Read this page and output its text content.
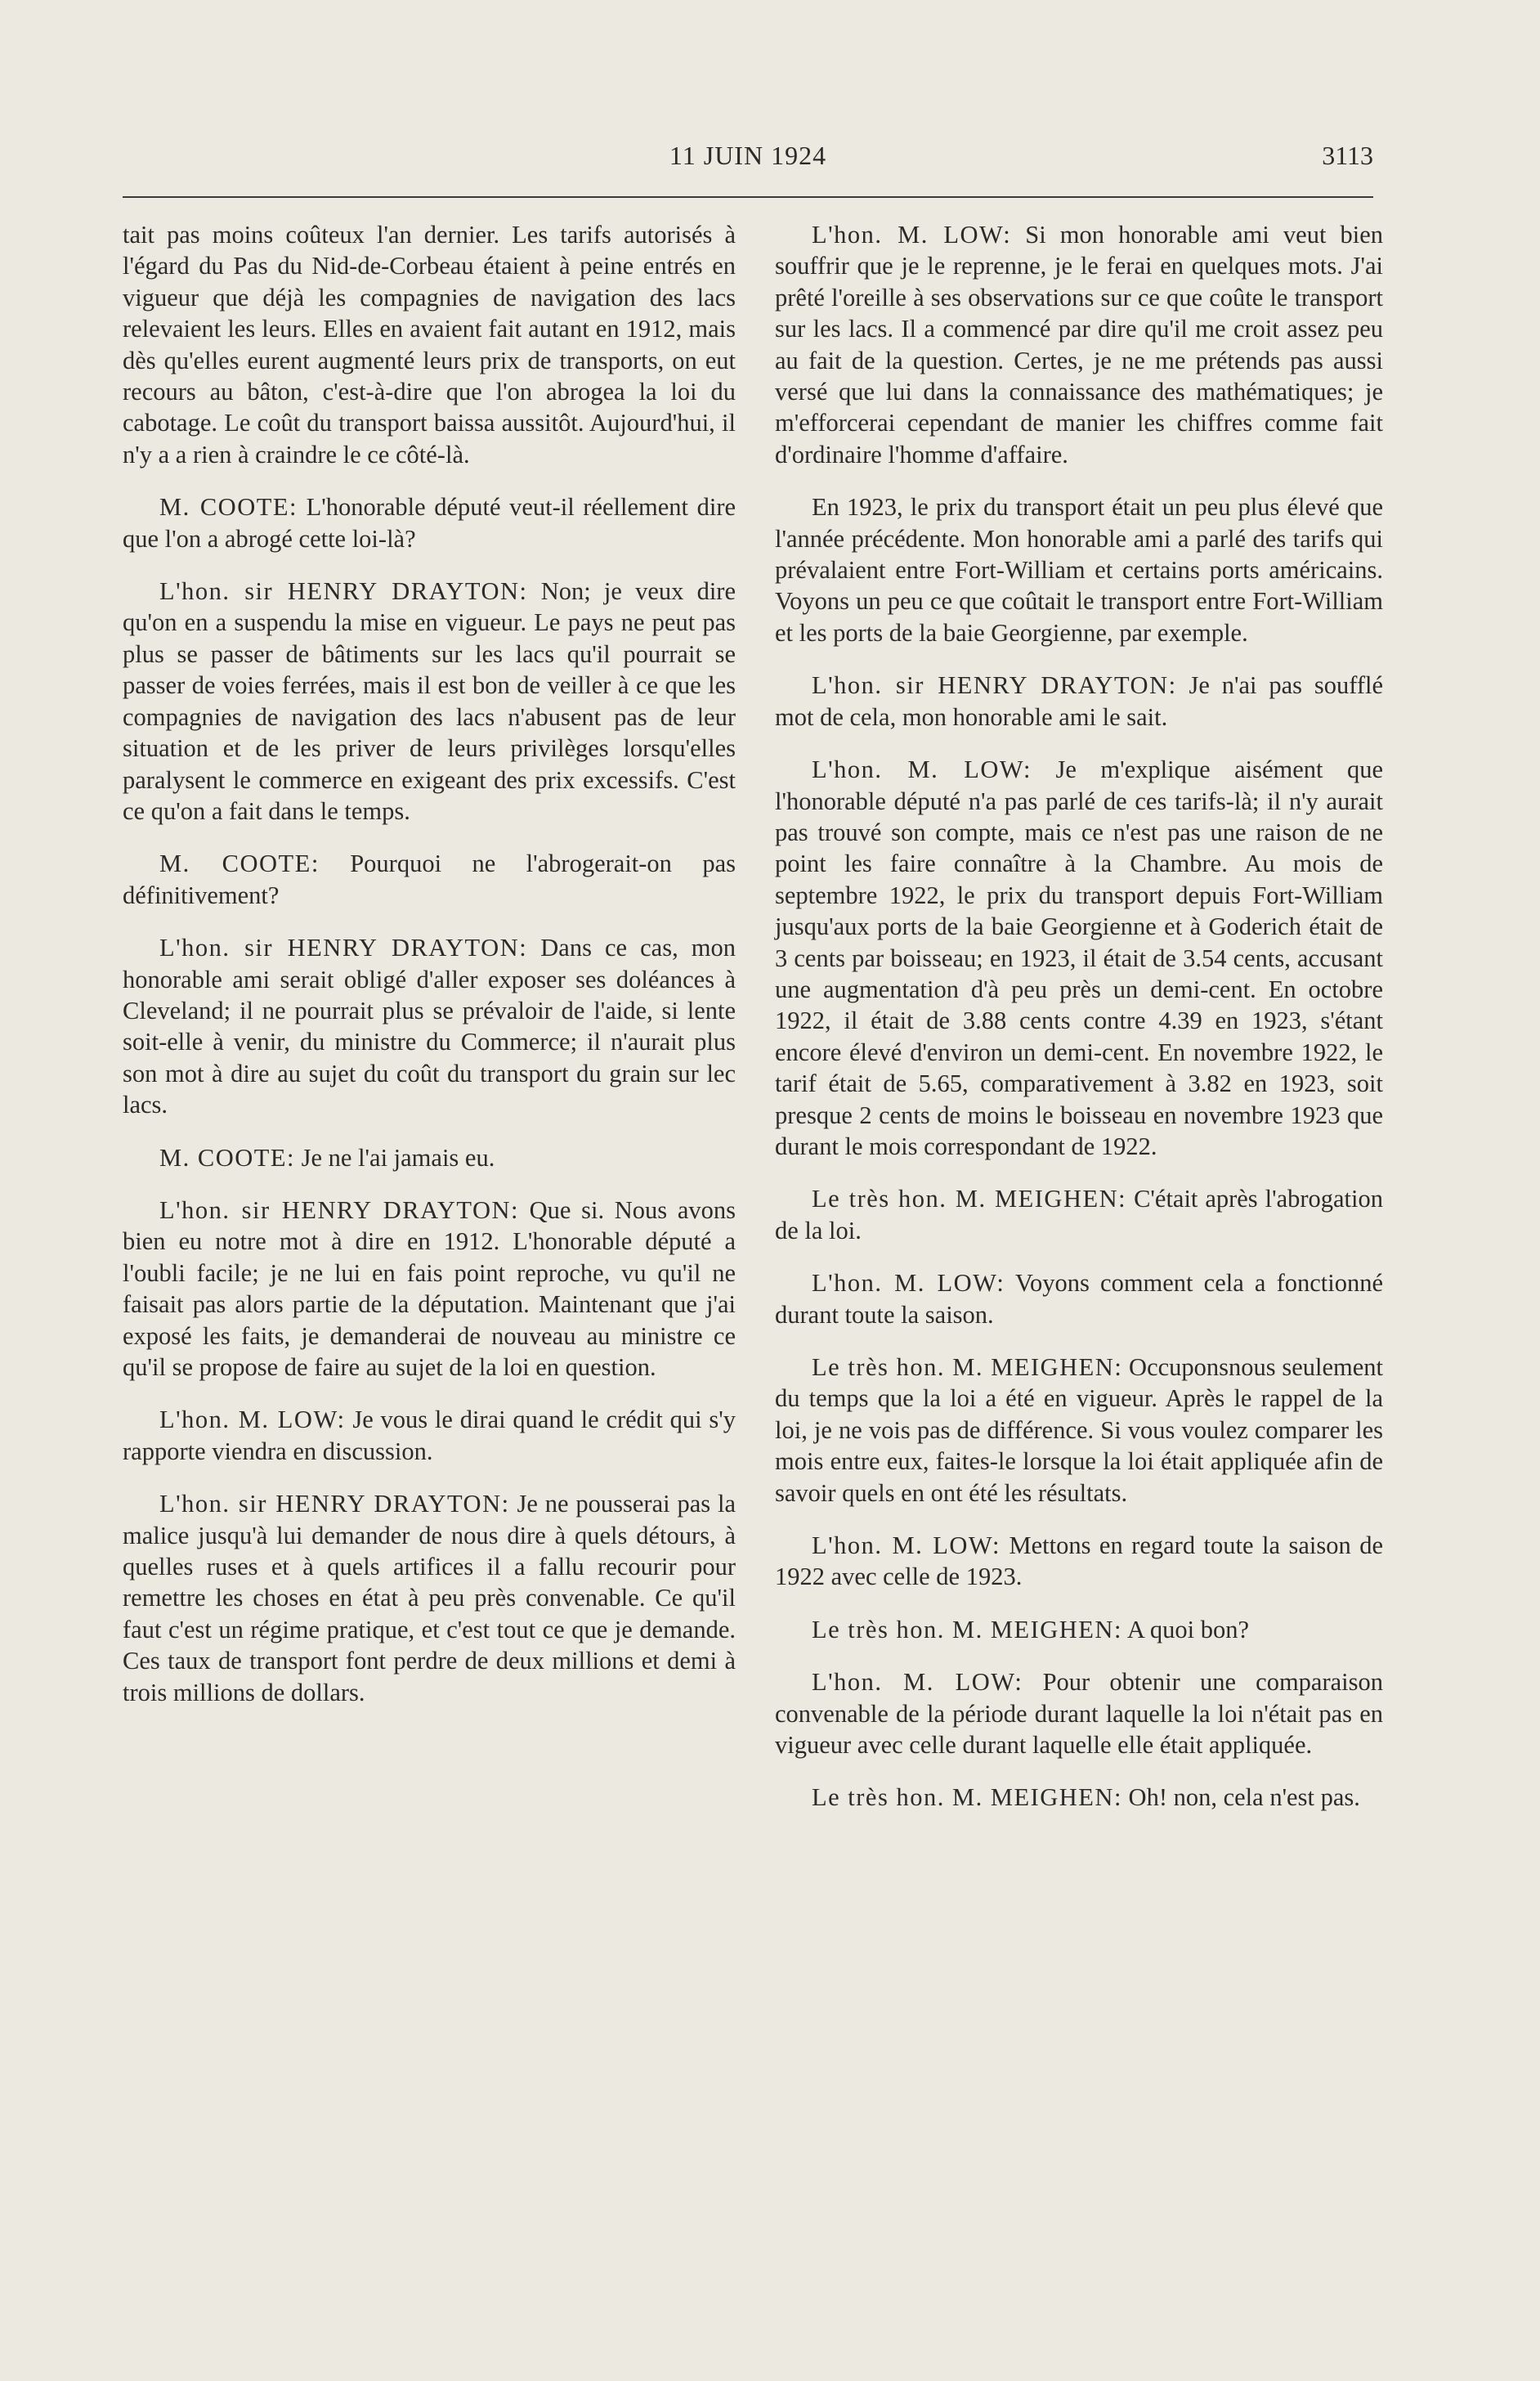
11 JUIN 1924	3113

tait pas moins coûteux l'an dernier. Les tarifs autorisés à l'égard du Pas du Nid-de-Corbeau étaient à peine entrés en vigueur que déjà les compagnies de navigation des lacs relevaient les leurs. Elles en avaient fait autant en 1912, mais dès qu'elles eurent augmenté leurs prix de transports, on eut recours au bâton, c'est-à-dire que l'on abrogea la loi du cabotage. Le coût du transport baissa aussitôt. Aujourd'hui, il n'y a a rien à craindre le ce côté-là.

M. COOTE: L'honorable député veut-il réellement dire que l'on a abrogé cette loi-là?

L'hon. sir HENRY DRAYTON: Non; je veux dire qu'on en a suspendu la mise en vigueur. Le pays ne peut pas plus se passer de bâtiments sur les lacs qu'il pourrait se passer de voies ferrées, mais il est bon de veiller à ce que les compagnies de navigation des lacs n'abusent pas de leur situation et de les priver de leurs privilèges lorsqu'elles paralysent le commerce en exigeant des prix excessifs. C'est ce qu'on a fait dans le temps.

M. COOTE: Pourquoi ne l'abrogerait-on pas définitivement?

L'hon. sir HENRY DRAYTON: Dans ce cas, mon honorable ami serait obligé d'aller exposer ses doléances à Cleveland; il ne pourrait plus se prévaloir de l'aide, si lente soit-elle à venir, du ministre du Commerce; il n'aurait plus son mot à dire au sujet du coût du transport du grain sur lec lacs.

M. COOTE: Je ne l'ai jamais eu.

L'hon. sir HENRY DRAYTON: Que si. Nous avons bien eu notre mot à dire en 1912. L'honorable député a l'oubli facile; je ne lui en fais point reproche, vu qu'il ne faisait pas alors partie de la députation. Maintenant que j'ai exposé les faits, je demanderai de nouveau au ministre ce qu'il se propose de faire au sujet de la loi en question.

L'hon. M. LOW: Je vous le dirai quand le crédit qui s'y rapporte viendra en discussion.

L'hon. sir HENRY DRAYTON: Je ne pousserai pas la malice jusqu'à lui demander de nous dire à quels détours, à quelles ruses et à quels artifices il a fallu recourir pour remettre les choses en état à peu près convenable. Ce qu'il faut c'est un régime pratique, et c'est tout ce que je demande. Ces taux de transport font perdre de deux millions et demi à trois millions de dollars.

L'hon. M. LOW: Si mon honorable ami veut bien souffrir que je le reprenne, je le ferai en quelques mots. J'ai prêté l'oreille à ses observations sur ce que coûte le transport sur les lacs. Il a commencé par dire qu'il me croit assez peu au fait de la question. Certes, je ne me prétends pas aussi versé que lui dans la connaissance des mathématiques; je m'efforcerai cependant de manier les chiffres comme fait d'ordinaire l'homme d'affaire.

En 1923, le prix du transport était un peu plus élevé que l'année précédente. Mon honorable ami a parlé des tarifs qui prévalaient entre Fort-William et certains ports américains. Voyons un peu ce que coûtait le transport entre Fort-William et les ports de la baie Georgienne, par exemple.

L'hon. sir HENRY DRAYTON: Je n'ai pas soufflé mot de cela, mon honorable ami le sait.

L'hon. M. LOW: Je m'explique aisément que l'honorable député n'a pas parlé de ces tarifs-là; il n'y aurait pas trouvé son compte, mais ce n'est pas une raison de ne point les faire connaître à la Chambre. Au mois de septembre 1922, le prix du transport depuis Fort-William jusqu'aux ports de la baie Georgienne et à Goderich était de 3 cents par boisseau; en 1923, il était de 3.54 cents, accusant une augmentation d'à peu près un demi-cent. En octobre 1922, il était de 3.88 cents contre 4.39 en 1923, s'étant encore élevé d'environ un demi-cent. En novembre 1922, le tarif était de 5.65, comparativement à 3.82 en 1923, soit presque 2 cents de moins le boisseau en novembre 1923 que durant le mois correspondant de 1922.

Le très hon. M. MEIGHEN: C'était après l'abrogation de la loi.

L'hon. M. LOW: Voyons comment cela a fonctionné durant toute la saison.

Le très hon. M. MEIGHEN: Occuponsnous seulement du temps que la loi a été en vigueur. Après le rappel de la loi, je ne vois pas de différence. Si vous voulez comparer les mois entre eux, faites-le lorsque la loi était appliquée afin de savoir quels en ont été les résultats.

L'hon. M. LOW: Mettons en regard toute la saison de 1922 avec celle de 1923.

Le très hon. M. MEIGHEN: A quoi bon?

L'hon. M. LOW: Pour obtenir une comparaison convenable de la période durant laquelle la loi n'était pas en vigueur avec celle durant laquelle elle était appliquée.

Le très hon. M. MEIGHEN: Oh! non, cela n'est pas.
